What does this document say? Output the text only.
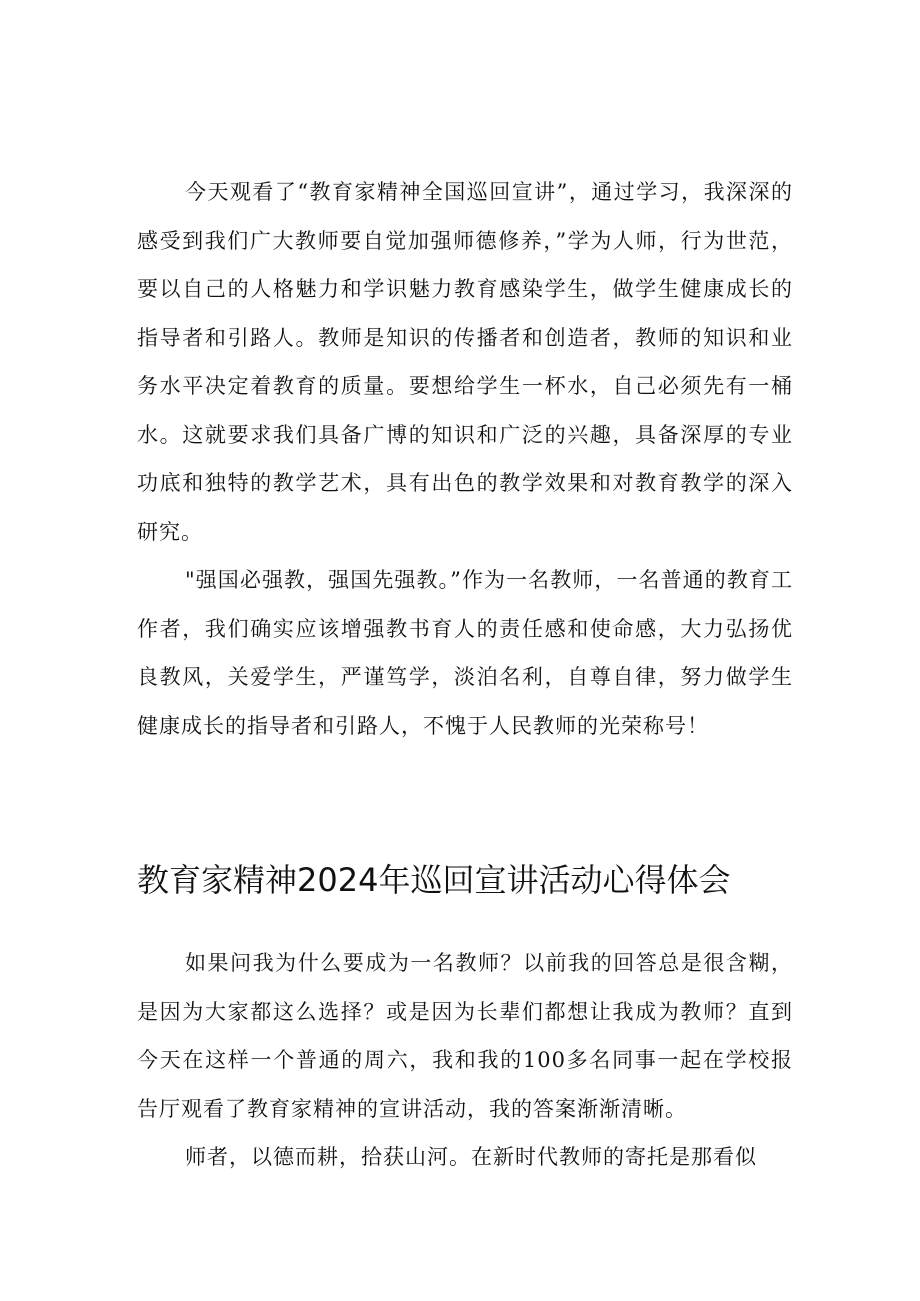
今天观看了“教育家精神全国巡回宣讲”，通过学习，我深深的感受到我们广大教师要自觉加强师德修养，”学为人师，行为世范，要以自己的人格魅力和学识魅力教育感染学生，做学生健康成长的指导者和引路人。教师是知识的传播者和创造者，教师的知识和业务水平决定着教育的质量。要想给学生一杯水，自己必须先有一桶水。这就要求我们具备广博的知识和广泛的兴趣，具备深厚的专业功底和独特的教学艺术，具有出色的教学效果和对教育教学的深入研究。

"强国必强教，强国先强教。”作为一名教师，一名普通的教育工作者，我们确实应该增强教书育人的责任感和使命感，大力弘扬优良教风，关爱学生，严谨笃学，淡泊名利，自尊自律，努力做学生健康成长的指导者和引路人，不愧于人民教师的光荣称号！

教育家精神2024年巡回宣讲活动心得体会

如果问我为什么要成为一名教师？以前我的回答总是很含糊，是因为大家都这么选择？或是因为长辈们都想让我成为教师？直到今天在这样一个普通的周六，我和我的100多名同事一起在学校报告厅观看了教育家精神的宣讲活动，我的答案渐渐清晰。

师者，以德而耕，拾获山河。在新时代教师的寄托是那看似
